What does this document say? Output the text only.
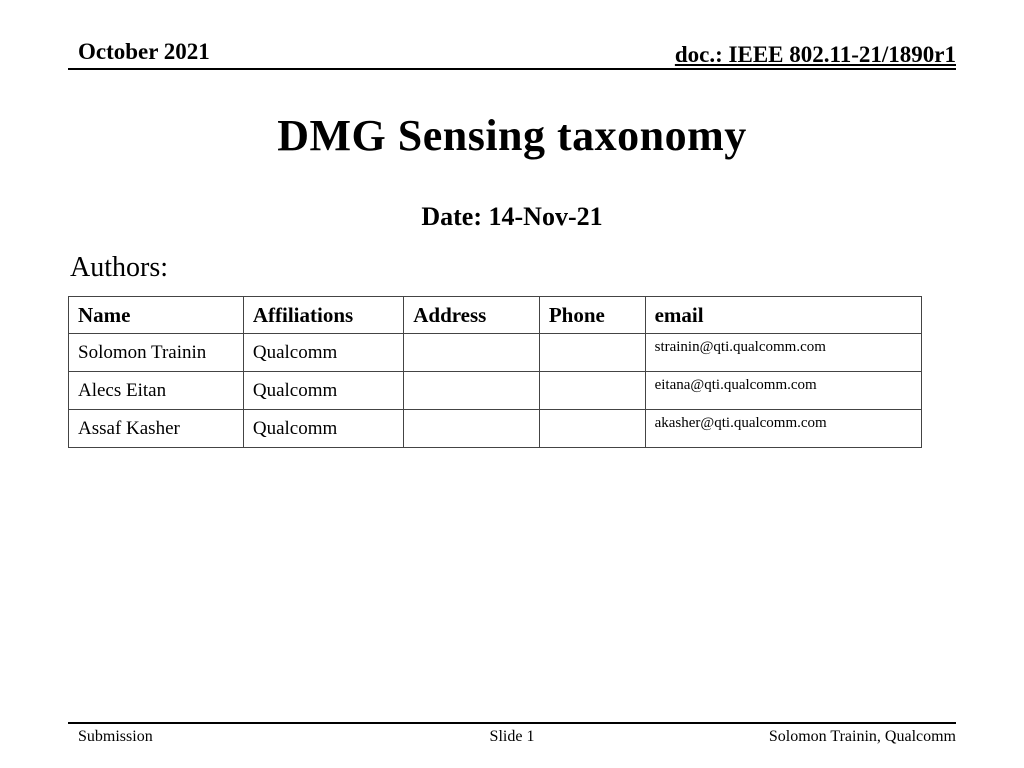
October 2021	doc.: IEEE 802.11-21/1890r1
DMG Sensing taxonomy
Date: 14-Nov-21
Authors:
Name	Affiliations	Address	Phone	email
Solomon Trainin	Qualcomm			strainin@qti.qualcomm.com
Alecs Eitan	Qualcomm			eitana@qti.qualcomm.com
Assaf Kasher	Qualcomm			akasher@qti.qualcomm.com
Submission	Slide 1	Solomon Trainin, Qualcomm
